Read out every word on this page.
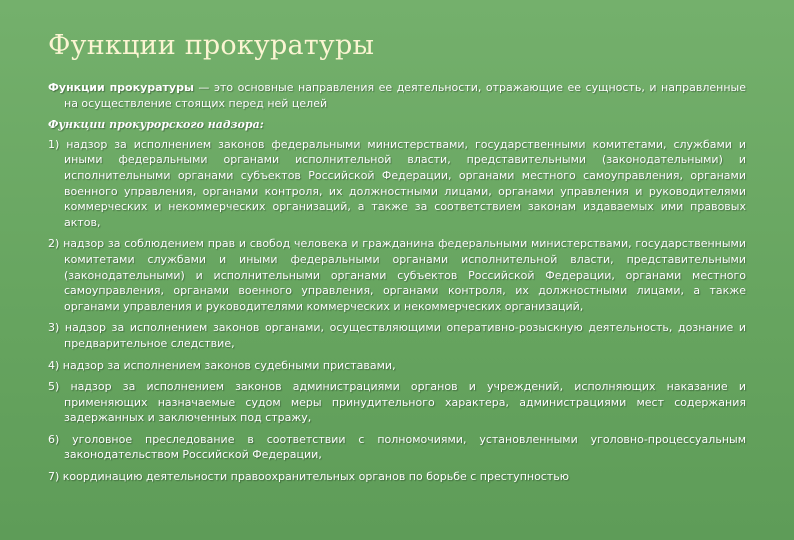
Функции прокуратуры

Функции прокуратуры — это основные направления ее деятельности, отражающие ее сущность, и направленные на осуществление стоящих перед ней целей

Функции прокурорского надзора:

1) надзор за исполнением законов федеральными министерствами, государственными комитетами, службами и иными федеральными органами исполнительной власти, представительными (законодательными) и исполнительными органами субъектов Российской Федерации, органами местного самоуправления, органами военного управления, органами контроля, их должностными лицами, органами управления и руководителями коммерческих и некоммерческих организаций, а также за соответствием законам издаваемых ими правовых актов,

2) надзор за соблюдением прав и свобод человека и гражданина федеральными министерствами, государственными комитетами службами и иными федеральными органами исполнительной власти, представительными (законодательными) и исполнительными органами субъектов Российской Федерации, органами местного самоуправления, органами военного управления, органами контроля, их должностными лицами, а также органами управления и руководителями коммерческих и некоммерческих организаций,

3) надзор за исполнением законов органами, осуществляющими оперативно-розыскную деятельность, дознание и предварительное следствие,

4) надзор за исполнением законов судебными приставами,

5) надзор за исполнением законов администрациями органов и учреждений, исполняющих наказание и применяющих назначаемые судом меры принудительного характера, администрациями мест содержания задержанных и заключенных под стражу,

6) уголовное преследование в соответствии с полномочиями, установленными уголовно-процессуальным законодательством Российской Федерации,

7) координацию деятельности правоохранительных органов по борьбе с преступностью
